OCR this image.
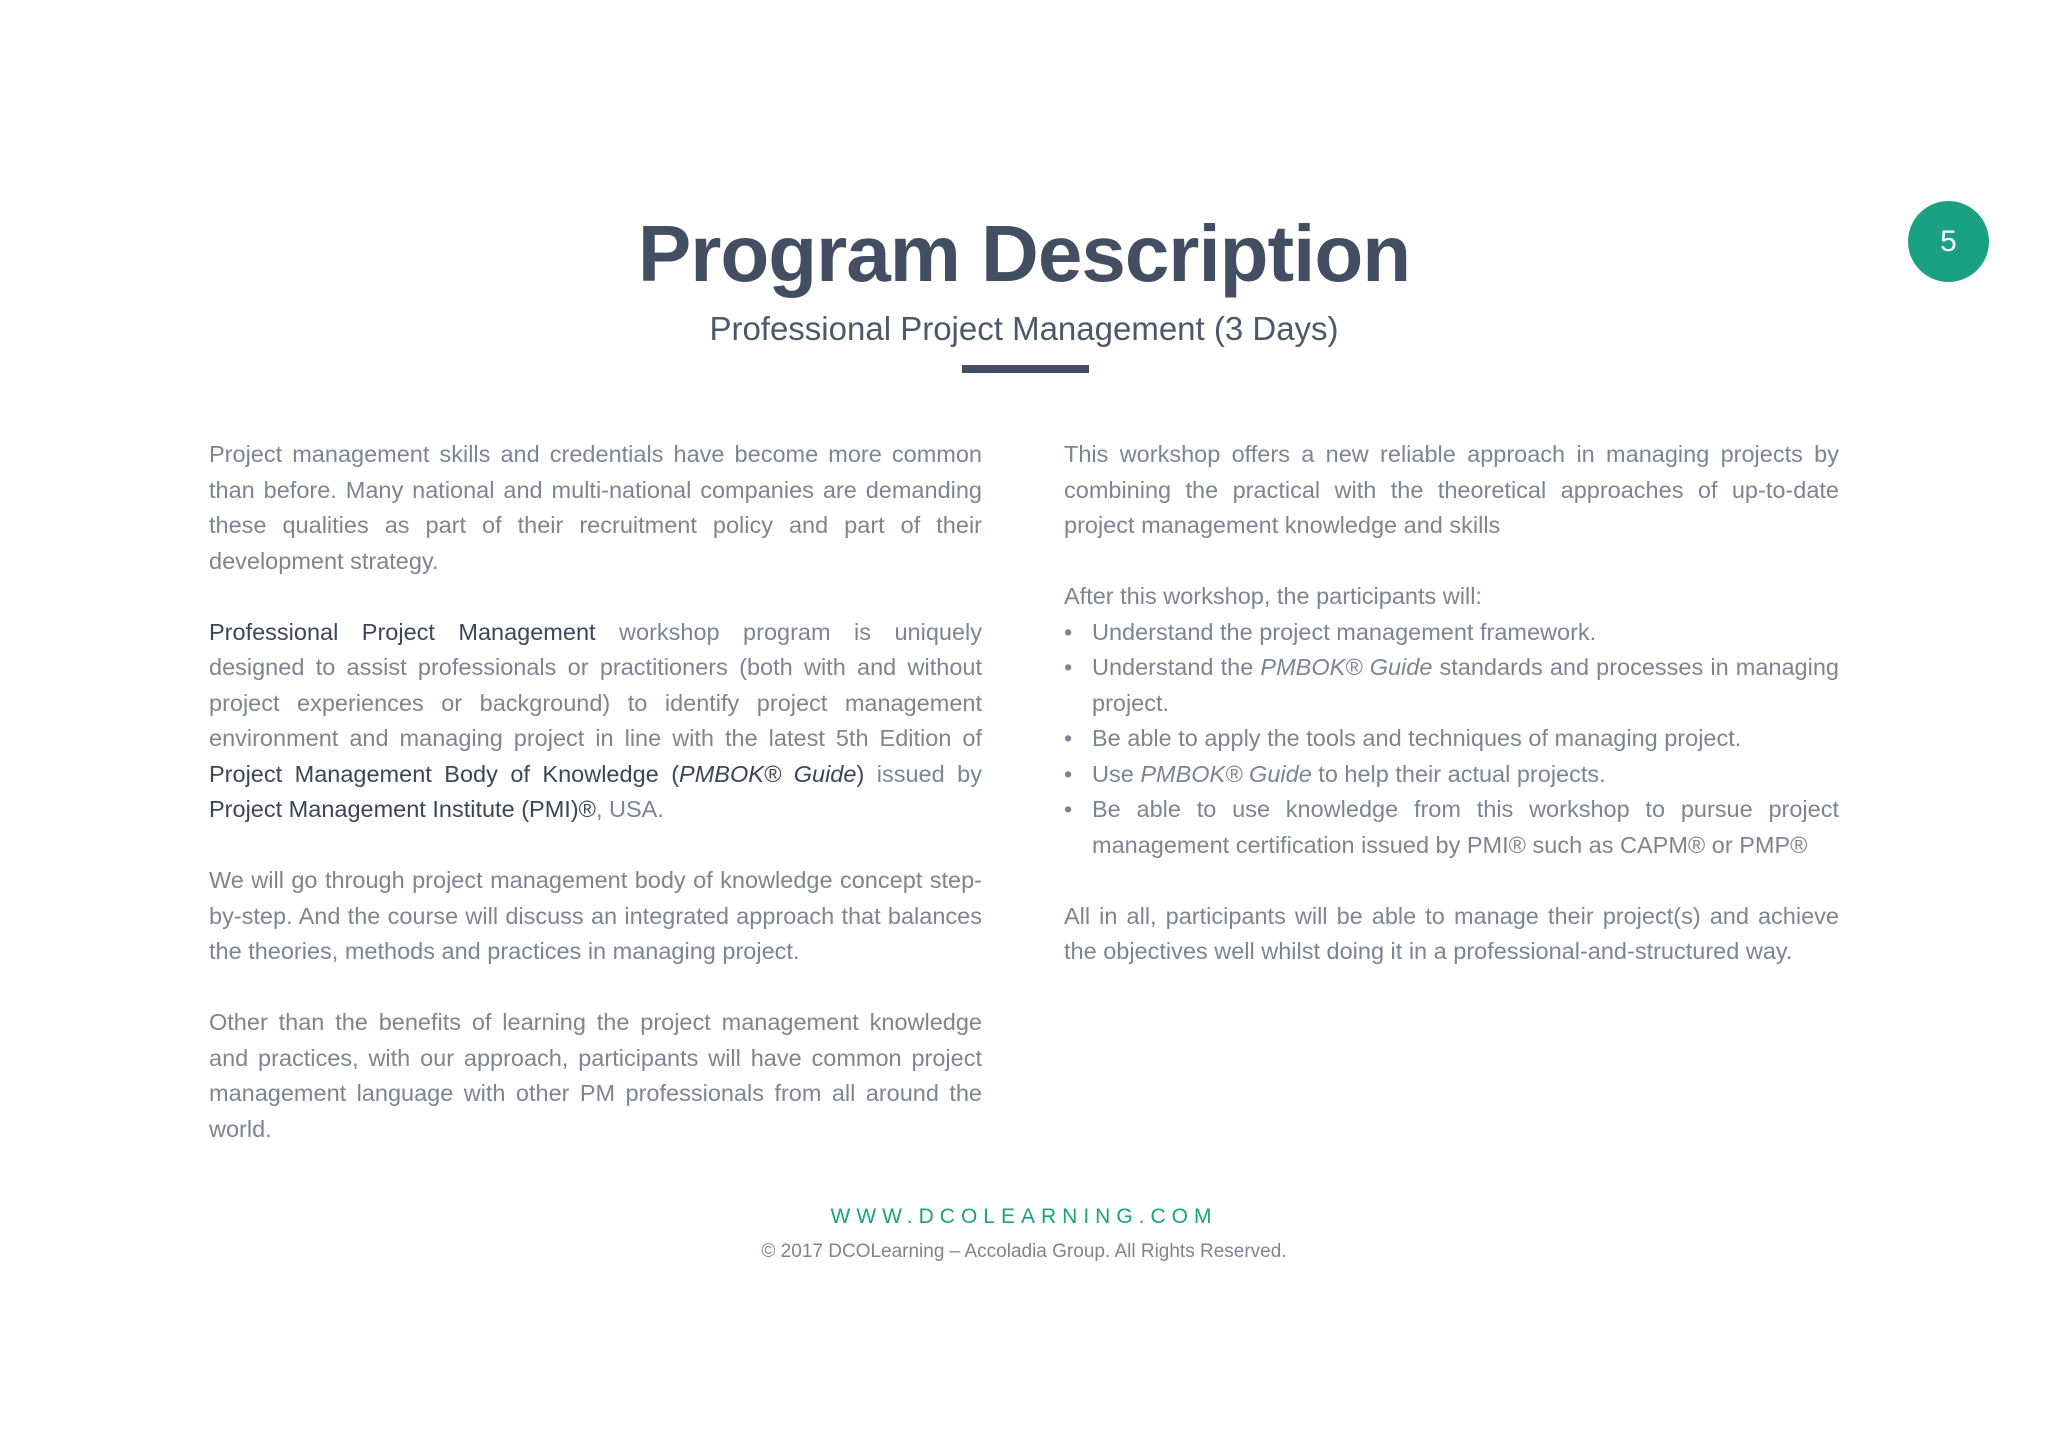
5
Program Description
Professional Project Management (3 Days)

Project management skills and credentials have become more common than before. Many national and multi-national companies are demanding these qualities as part of their recruitment policy and part of their development strategy.

Professional Project Management workshop program is uniquely designed to assist professionals or practitioners (both with and without project experiences or background) to identify project management environment and managing project in line with the latest 5th Edition of Project Management Body of Knowledge (PMBOK® Guide) issued by Project Management Institute (PMI)®, USA.

We will go through project management body of knowledge concept step-by-step. And the course will discuss an integrated approach that balances the theories, methods and practices in managing project.

Other than the benefits of learning the project management knowledge and practices, with our approach, participants will have common project management language with other PM professionals from all around the world.

This workshop offers a new reliable approach in managing projects by combining the practical with the theoretical approaches of up-to-date project management knowledge and skills

After this workshop, the participants will:
• Understand the project management framework.
• Understand the PMBOK® Guide standards and processes in managing project.
• Be able to apply the tools and techniques of managing project.
• Use PMBOK® Guide to help their actual projects.
• Be able to use knowledge from this workshop to pursue project management certification issued by PMI® such as CAPM® or PMP®

All in all, participants will be able to manage their project(s) and achieve the objectives well whilst doing it in a professional-and-structured way.

WWW.DCOLEARNING.COM
© 2017 DCOLearning – Accoladia Group. All Rights Reserved.
